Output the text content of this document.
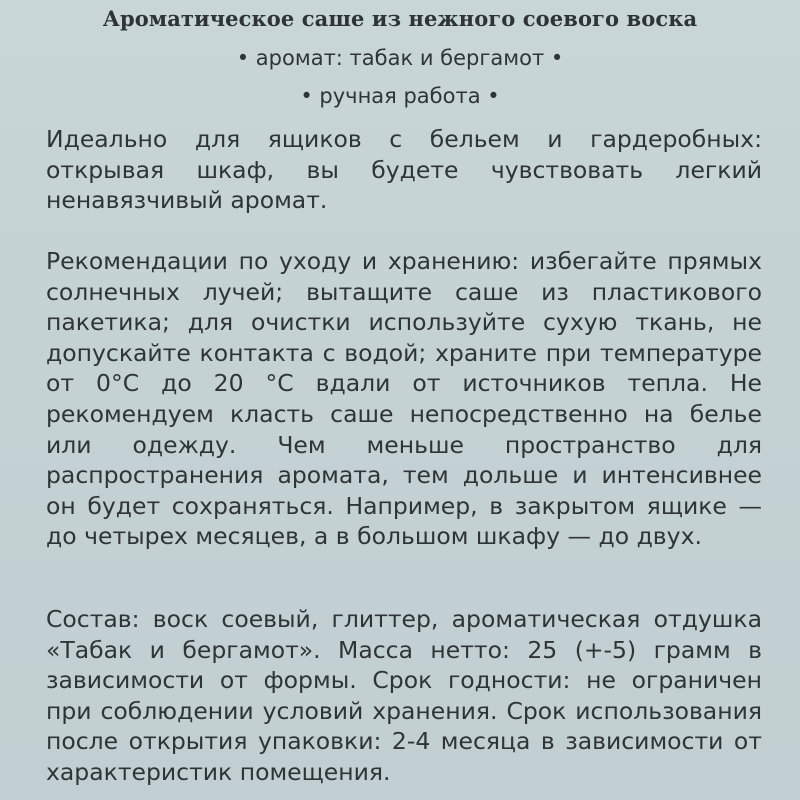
Ароматическое саше из нежного соевого воска
• аромат: табак и бергамот •
• ручная работа •

Идеально для ящиков с бельем и гардеробных: открывая шкаф, вы будете чувствовать легкий ненавязчивый аромат.

Рекомендации по уходу и хранению: избегайте прямых солнечных лучей; вытащите саше из пластикового пакетика; для очистки используйте сухую ткань, не допускайте контакта с водой; храните при температуре от 0°С до 20 °С вдали от источников тепла. Не рекомендуем класть саше непосредственно на белье или одежду. Чем меньше пространство для распространения аромата, тем дольше и интенсивнее он будет сохраняться. Например, в закрытом ящике — до четырех месяцев, а в большом шкафу — до двух.

Состав: воск соевый, глиттер, ароматическая отдушка «Табак и бергамот». Масса нетто: 25 (+-5) грамм в зависимости от формы. Срок годности: не ограничен при соблюдении условий хранения. Срок использования после открытия упаковки: 2-4 месяца в зависимости от характеристик помещения.
